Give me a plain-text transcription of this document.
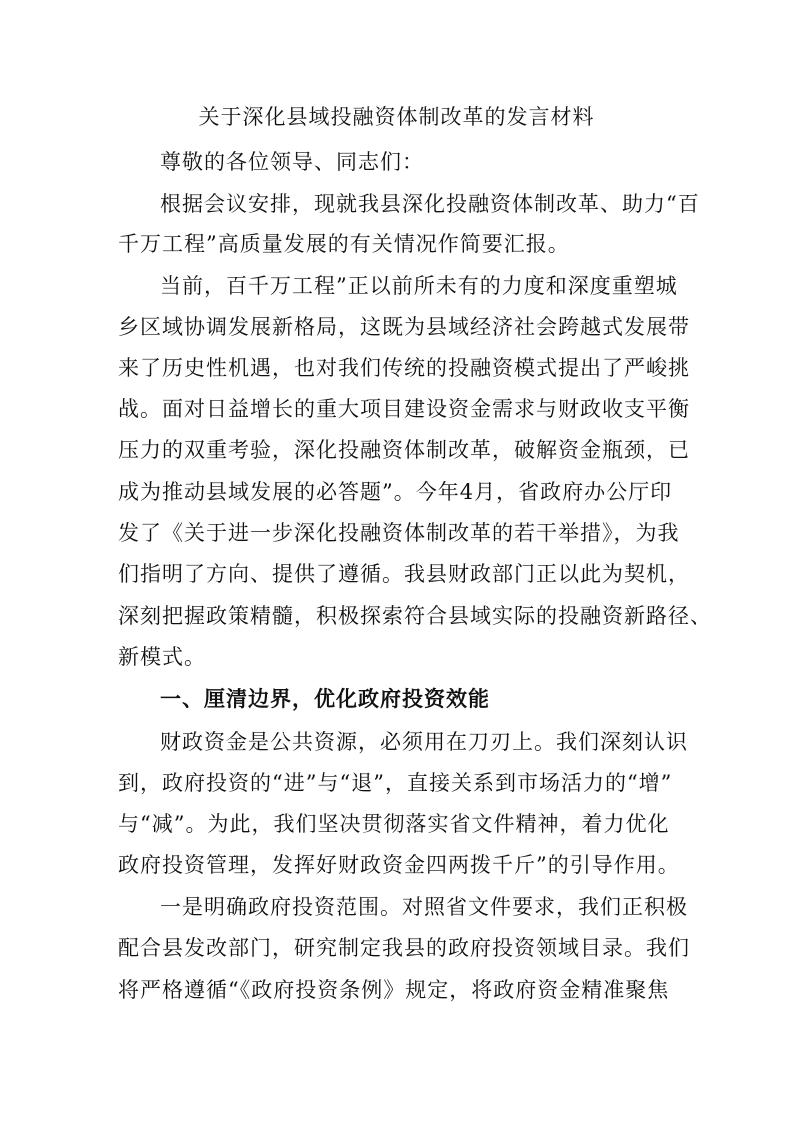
关于深化县域投融资体制改革的发言材料

尊敬的各位领导、同志们：

根据会议安排，现就我县深化投融资体制改革、助力“百

千万工程”高质量发展的有关情况作简要汇报。

当前，百千万工程”正以前所未有的力度和深度重塑城

乡区域协调发展新格局，这既为县域经济社会跨越式发展带

来了历史性机遇，也对我们传统的投融资模式提出了严峻挑

战。面对日益增长的重大项目建设资金需求与财政收支平衡

压力的双重考验，深化投融资体制改革，破解资金瓶颈，已

成为推动县域发展的必答题”。今年4月，省政府办公厅印

发了《关于进一步深化投融资体制改革的若干举措》，为我

们指明了方向、提供了遵循。我县财政部门正以此为契机，

深刻把握政策精髓，积极探索符合县域实际的投融资新路径、

新模式。

一、厘清边界，优化政府投资效能

财政资金是公共资源，必须用在刀刃上。我们深刻认识

到，政府投资的“进”与“退”，直接关系到市场活力的“增”

与“减”。为此，我们坚决贯彻落实省文件精神，着力优化

政府投资管理，发挥好财政资金四两拨千斤”的引导作用。

一是明确政府投资范围。对照省文件要求，我们正积极

配合县发改部门，研究制定我县的政府投资领域目录。我们

将严格遵循“《政府投资条例》规定，将政府资金精准聚焦
